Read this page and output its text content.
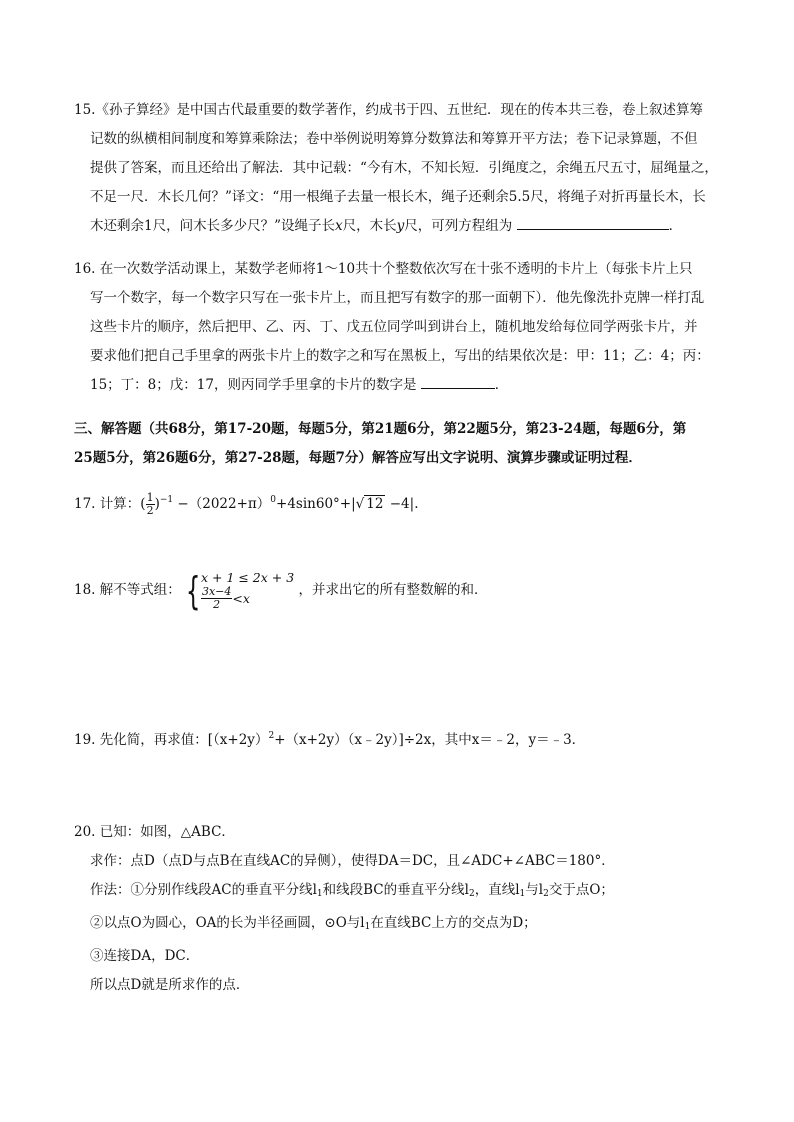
15.《孙子算经》是中国古代最重要的数学著作，约成书于四、五世纪．现在的传本共三卷，卷上叙述算筹
记数的纵横相间制度和筹算乘除法；卷中举例说明筹算分数算法和筹算开平方法；卷下记录算题，不但
提供了答案，而且还给出了解法．其中记载：“今有木，不知长短．引绳度之，余绳五尺五寸，屈绳量之，
不足一尺．木长几何？”译文：“用一根绳子去量一根长木，绳子还剩余5.5尺，将绳子对折再量长木，长
木还剩余1尺，问木长多少尺？”设绳子长x尺，木长y尺，可列方程组为	．
16. 在一次数学活动课上，某数学老师将1～10共十个整数依次写在十张不透明的卡片上（每张卡片上只
写一个数字，每一个数字只写在一张卡片上，而且把写有数字的那一面朝下）．他先像洗扑克牌一样打乱
这些卡片的顺序，然后把甲、乙、丙、丁、戊五位同学叫到讲台上，随机地发给每位同学两张卡片，并
要求他们把自己手里拿的两张卡片上的数字之和写在黑板上，写出的结果依次是：甲：11；乙：4；丙：
15；丁：8；戊：17，则丙同学手里拿的卡片的数字是	．
三、解答题（共68分，第17-20题，每题5分，第21题6分，第22题5分，第23-24题，每题6分，第
25题5分，第26题6分，第27-28题，每题7分）解答应写出文字说明、演算步骤或证明过程．
17. 计算：( $\frac{1}{2} )^{-1} -(2022+\pi)^0+4\sin 60^\circ+|√$ 12 −4|.
18. 解不等式组： { x + 1 ≤ 2x + 3
$\frac{3x-4}{2} <x$	，并求出它的所有整数解的和．
19. 先化简，再求值：$[(x+2y)^2+(x+2y)(x﹣2y)]\div 2x$，其中x＝﹣2，y＝﹣3．
20. 已知：如图，△ABC．
求作：点D（点D与点B在直线AC的异侧），使得DA＝DC，且∠ADC+∠ABC＝180°．
作法：①分别作线段AC的垂直平分线$l_1$和线段BC的垂直平分线$l_2$，直线$l_1$与$l_2$交于点O；
②以点O为圆心，OA的长为半径画圆，⊙O与$l_1$在直线BC上方的交点为D；
③连接DA，DC．
所以点D就是所求作的点．
